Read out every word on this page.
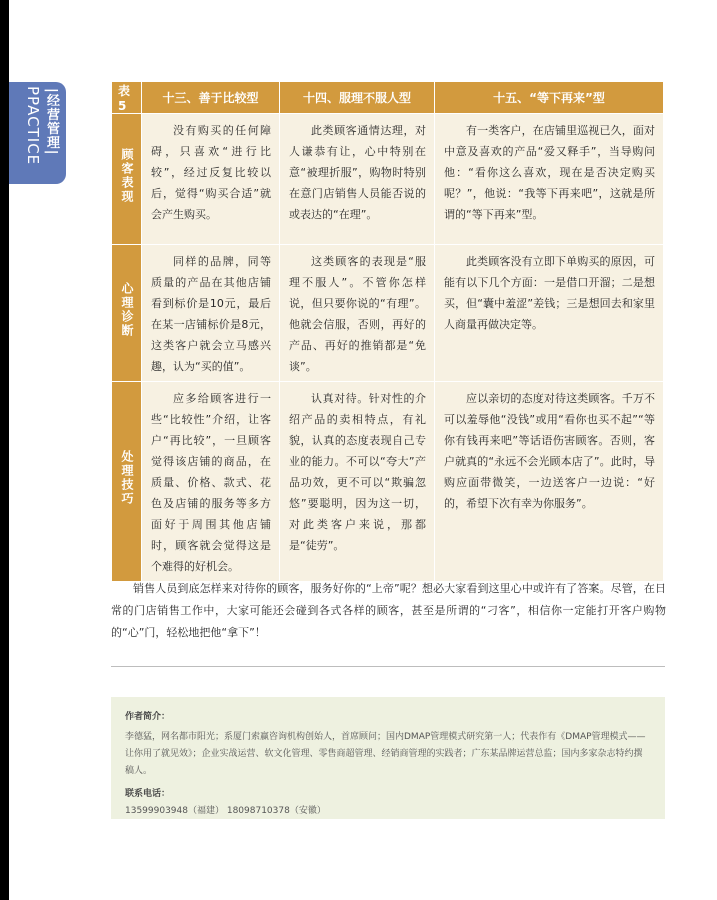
|经营管理|
PPACTICE	表 5	十三、善于比较型	十四、服理不服人型	十五、“等下再来”型
顾客表现	没有购买的任何障碍，只喜欢“进行比较”，经过反复比较以后，觉得“购买合适”就会产生购买。	此类顾客通情达理，对人谦恭有让，心中特别在意“被理折服”，购物时特别在意门店销售人员能否说的或表达的“在理”。	有一类客户，在店铺里巡视已久，面对中意及喜欢的产品“爱又释手”，当导购问他：“看你这么喜欢，现在是否决定购买呢？”，他说：“我等下再来吧”，这就是所谓的“等下再来”型。

心理诊断	同样的品牌，同等质量的产品在其他店铺看到标价是10元，最后在某一店铺标价是8元，这类客户就会立马感兴趣，认为“买的值”。	这类顾客的表现是“服理不服人”。不管你怎样说，但只要你说的“有理”。他就会信服，否则，再好的产品、再好的推销都是“免谈”。	此类顾客没有立即下单购买的原因，可能有以下几个方面：一是借口开溜；二是想买，但“囊中羞涩”差钱；三是想回去和家里人商量再做决定等。

处理技巧	应多给顾客进行一些“比较性”介绍，让客户“再比较”，一旦顾客觉得该店铺的商品，在质量、价格、款式、花色及店铺的服务等多方面好于周围其他店铺时，顾客就会觉得这是个难得的好机会。	认真对待。针对性的介绍产品的卖相特点，有礼貌，认真的态度表现自己专业的能力。不可以“夸大”产品功效，更不可以“欺骗忽悠”要聪明，因为这一切，对此类客户来说，那都是“徒劳”。	应以亲切的态度对待这类顾客。千万不可以羞辱他“没钱”或用“看你也买不起”“等你有钱再来吧”等话语伤害顾客。否则，客户就真的“永远不会光顾本店了”。此时，导购应面带微笑，一边送客户一边说：“好的，希望下次有幸为你服务”。

销售人员到底怎样来对待你的顾客，服务好你的“上帝”呢？想必大家看到这里心中或许有了答案。尽管，在日常的门店销售工作中，大家可能还会碰到各式各样的顾客，甚至是所谓的“刁客”，相信你一定能打开客户购物的“心”门，轻松地把他“拿下”！

作者简介：

李德猛，网名都市阳光；系厦门索赢咨询机构创始人，首席顾问；国内DMAP管理模式研究第一人；代表作有《DMAP管理模式——让你用了就见效》；企业实战运营、软文化管理、零售商超管理、经销商管理的实践者；广东某品牌运营总监；国内多家杂志特约撰稿人。

联系电话：

13599903948（福建） 18098710378（安徽）
